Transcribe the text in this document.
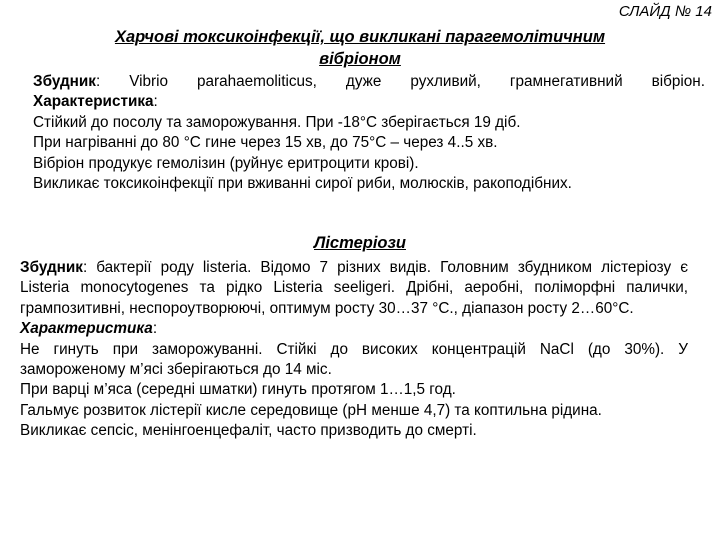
СЛАЙД № 14
Харчові токсикоінфекції, що викликані парагемолітичним
вібріоном

Збудник: Vibrio parahaemoliticus, дуже рухливий, грамнегативний вібріон.

Характеристика:

Стійкий до посолу та заморожування. При -18°С зберігається 19 діб.

При нагріванні до 80 °С гине через 15 хв, до 75°С – через 4..5 хв.

Вібріон продукує гемолізин (руйнує еритроцити крові).

Викликає токсикоінфекції при вживанні сирої риби, молюсків, ракоподібних.

Лістеріози

Збудник: бактерії роду listeria. Відомо 7 різних видів. Головним збудником лістеріозу є Listeria monocytogenes та рідко Listeria seeligeri. Дрібні, аеробні, поліморфні палички, грампозитивні, неспороутворюючі, оптимум росту 30…37 °С., діапазон росту 2…60°С.

Характеристика:

Не гинуть при заморожуванні. Стійкі до високих концентрацій NaCl (до 30%). У замороженому м’ясі зберігаються до 14 міс.

При варці м’яса (середні шматки) гинуть протягом 1…1,5 год.

Гальмує розвиток лістерії кисле середовище (рН менше 4,7) та коптильна рідина.

Викликає сепсіс, менінгоенцефаліт, часто призводить до смерті.
